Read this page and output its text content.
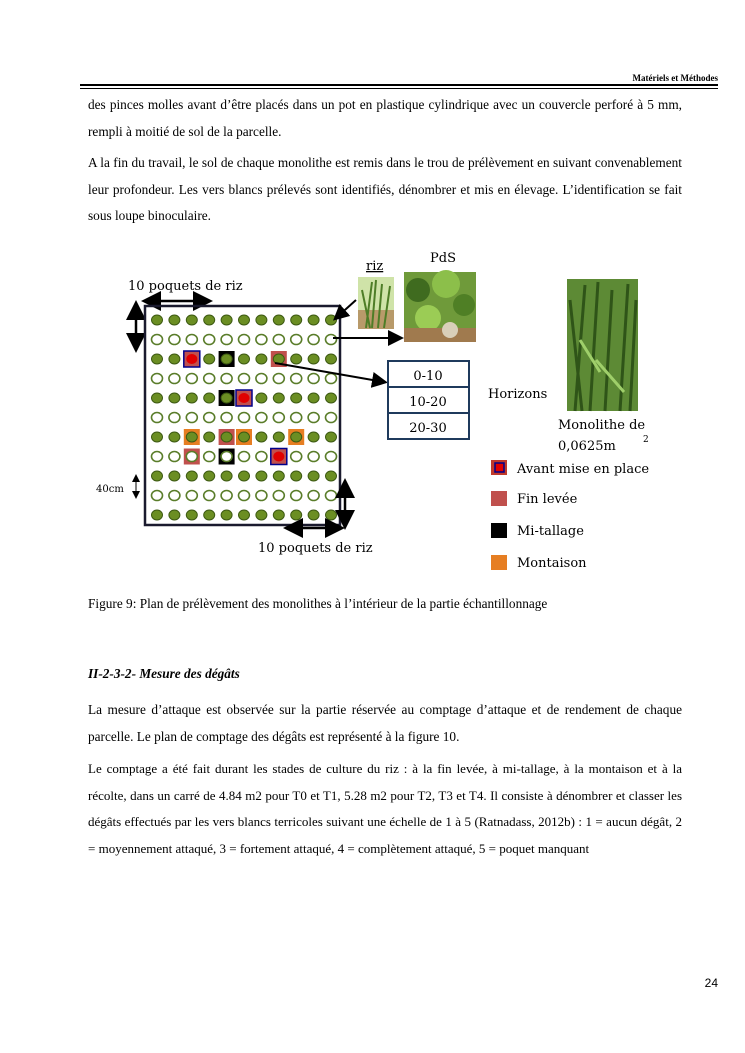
Matériels et Méthodes

des pinces molles avant d’être placés dans un pot en plastique cylindrique avec un couvercle perforé à 5 mm, rempli à moitié de sol de la parcelle.

A la fin du travail, le sol de chaque monolithe est remis dans le trou de prélèvement en suivant convenablement leur profondeur. Les vers blancs prélevés sont identifiés, dénombrer et mis en élevage. L’identification se fait sous loupe binoculaire.

10 poquets de riz
40cm
10 poquets de riz
riz
PdS
0-10
10-20
20-30
Horizons
Monolithe de
0,0625m	2
Avant mise en place
Fin levée
Mi-tallage
Montaison
Figure 9: Plan de prélèvement des monolithes à l’intérieur de la partie échantillonnage
II-2-3-2- Mesure des dégâts

La mesure d’attaque est observée sur la partie réservée au comptage d’attaque et de rendement de chaque parcelle. Le plan de comptage des dégâts est représenté à la figure 10.

Le comptage a été fait durant les stades de culture du riz : à la fin levée, à mi-tallage, à la montaison et à la récolte, dans un carré de 4.84 m2 pour T0 et T1, 5.28 m2 pour T2, T3 et T4. Il consiste à dénombrer et classer les dégâts effectués par les vers blancs terricoles suivant une échelle de 1 à 5 (Ratnadass, 2012b) : 1 = aucun dégât, 2 = moyennement attaqué, 3 = fortement attaqué, 4 = complètement attaqué, 5 = poquet manquant

24
